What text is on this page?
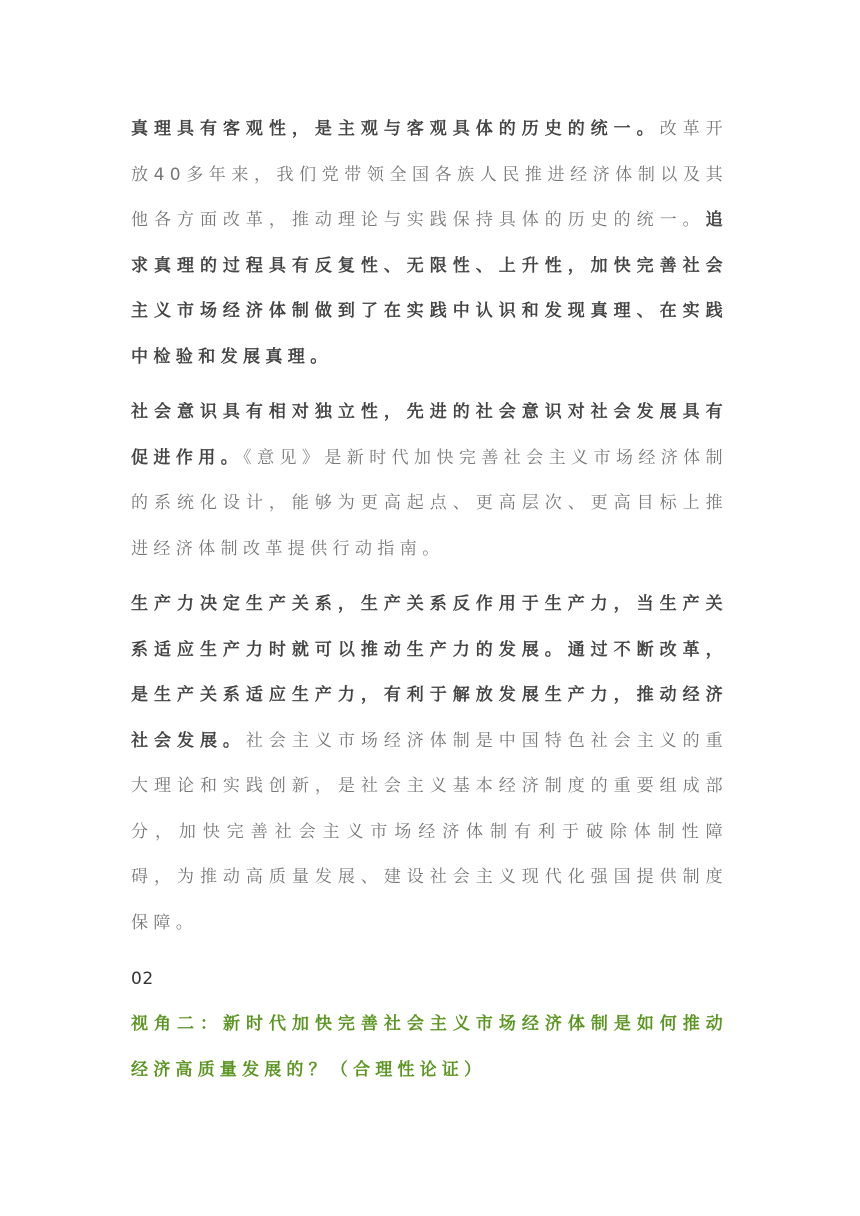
真理具有客观性，是主观与客观具体的历史的统一。改革开放40多年来，我们党带领全国各族人民推进经济体制以及其他各方面改革，推动理论与实践保持具体的历史的统一。追求真理的过程具有反复性、无限性、上升性，加快完善社会主义市场经济体制做到了在实践中认识和发现真理、在实践中检验和发展真理。

社会意识具有相对独立性，先进的社会意识对社会发展具有促进作用。《意见》是新时代加快完善社会主义市场经济体制的系统化设计，能够为更高起点、更高层次、更高目标上推进经济体制改革提供行动指南。

生产力决定生产关系，生产关系反作用于生产力，当生产关系适应生产力时就可以推动生产力的发展。通过不断改革，是生产关系适应生产力，有利于解放发展生产力，推动经济社会发展。社会主义市场经济体制是中国特色社会主义的重大理论和实践创新，是社会主义基本经济制度的重要组成部分，加快完善社会主义市场经济体制有利于破除体制性障碍，为推动高质量发展、建设社会主义现代化强国提供制度保障。

02

视角二：新时代加快完善社会主义市场经济体制是如何推动经济高质量发展的？（合理性论证）
